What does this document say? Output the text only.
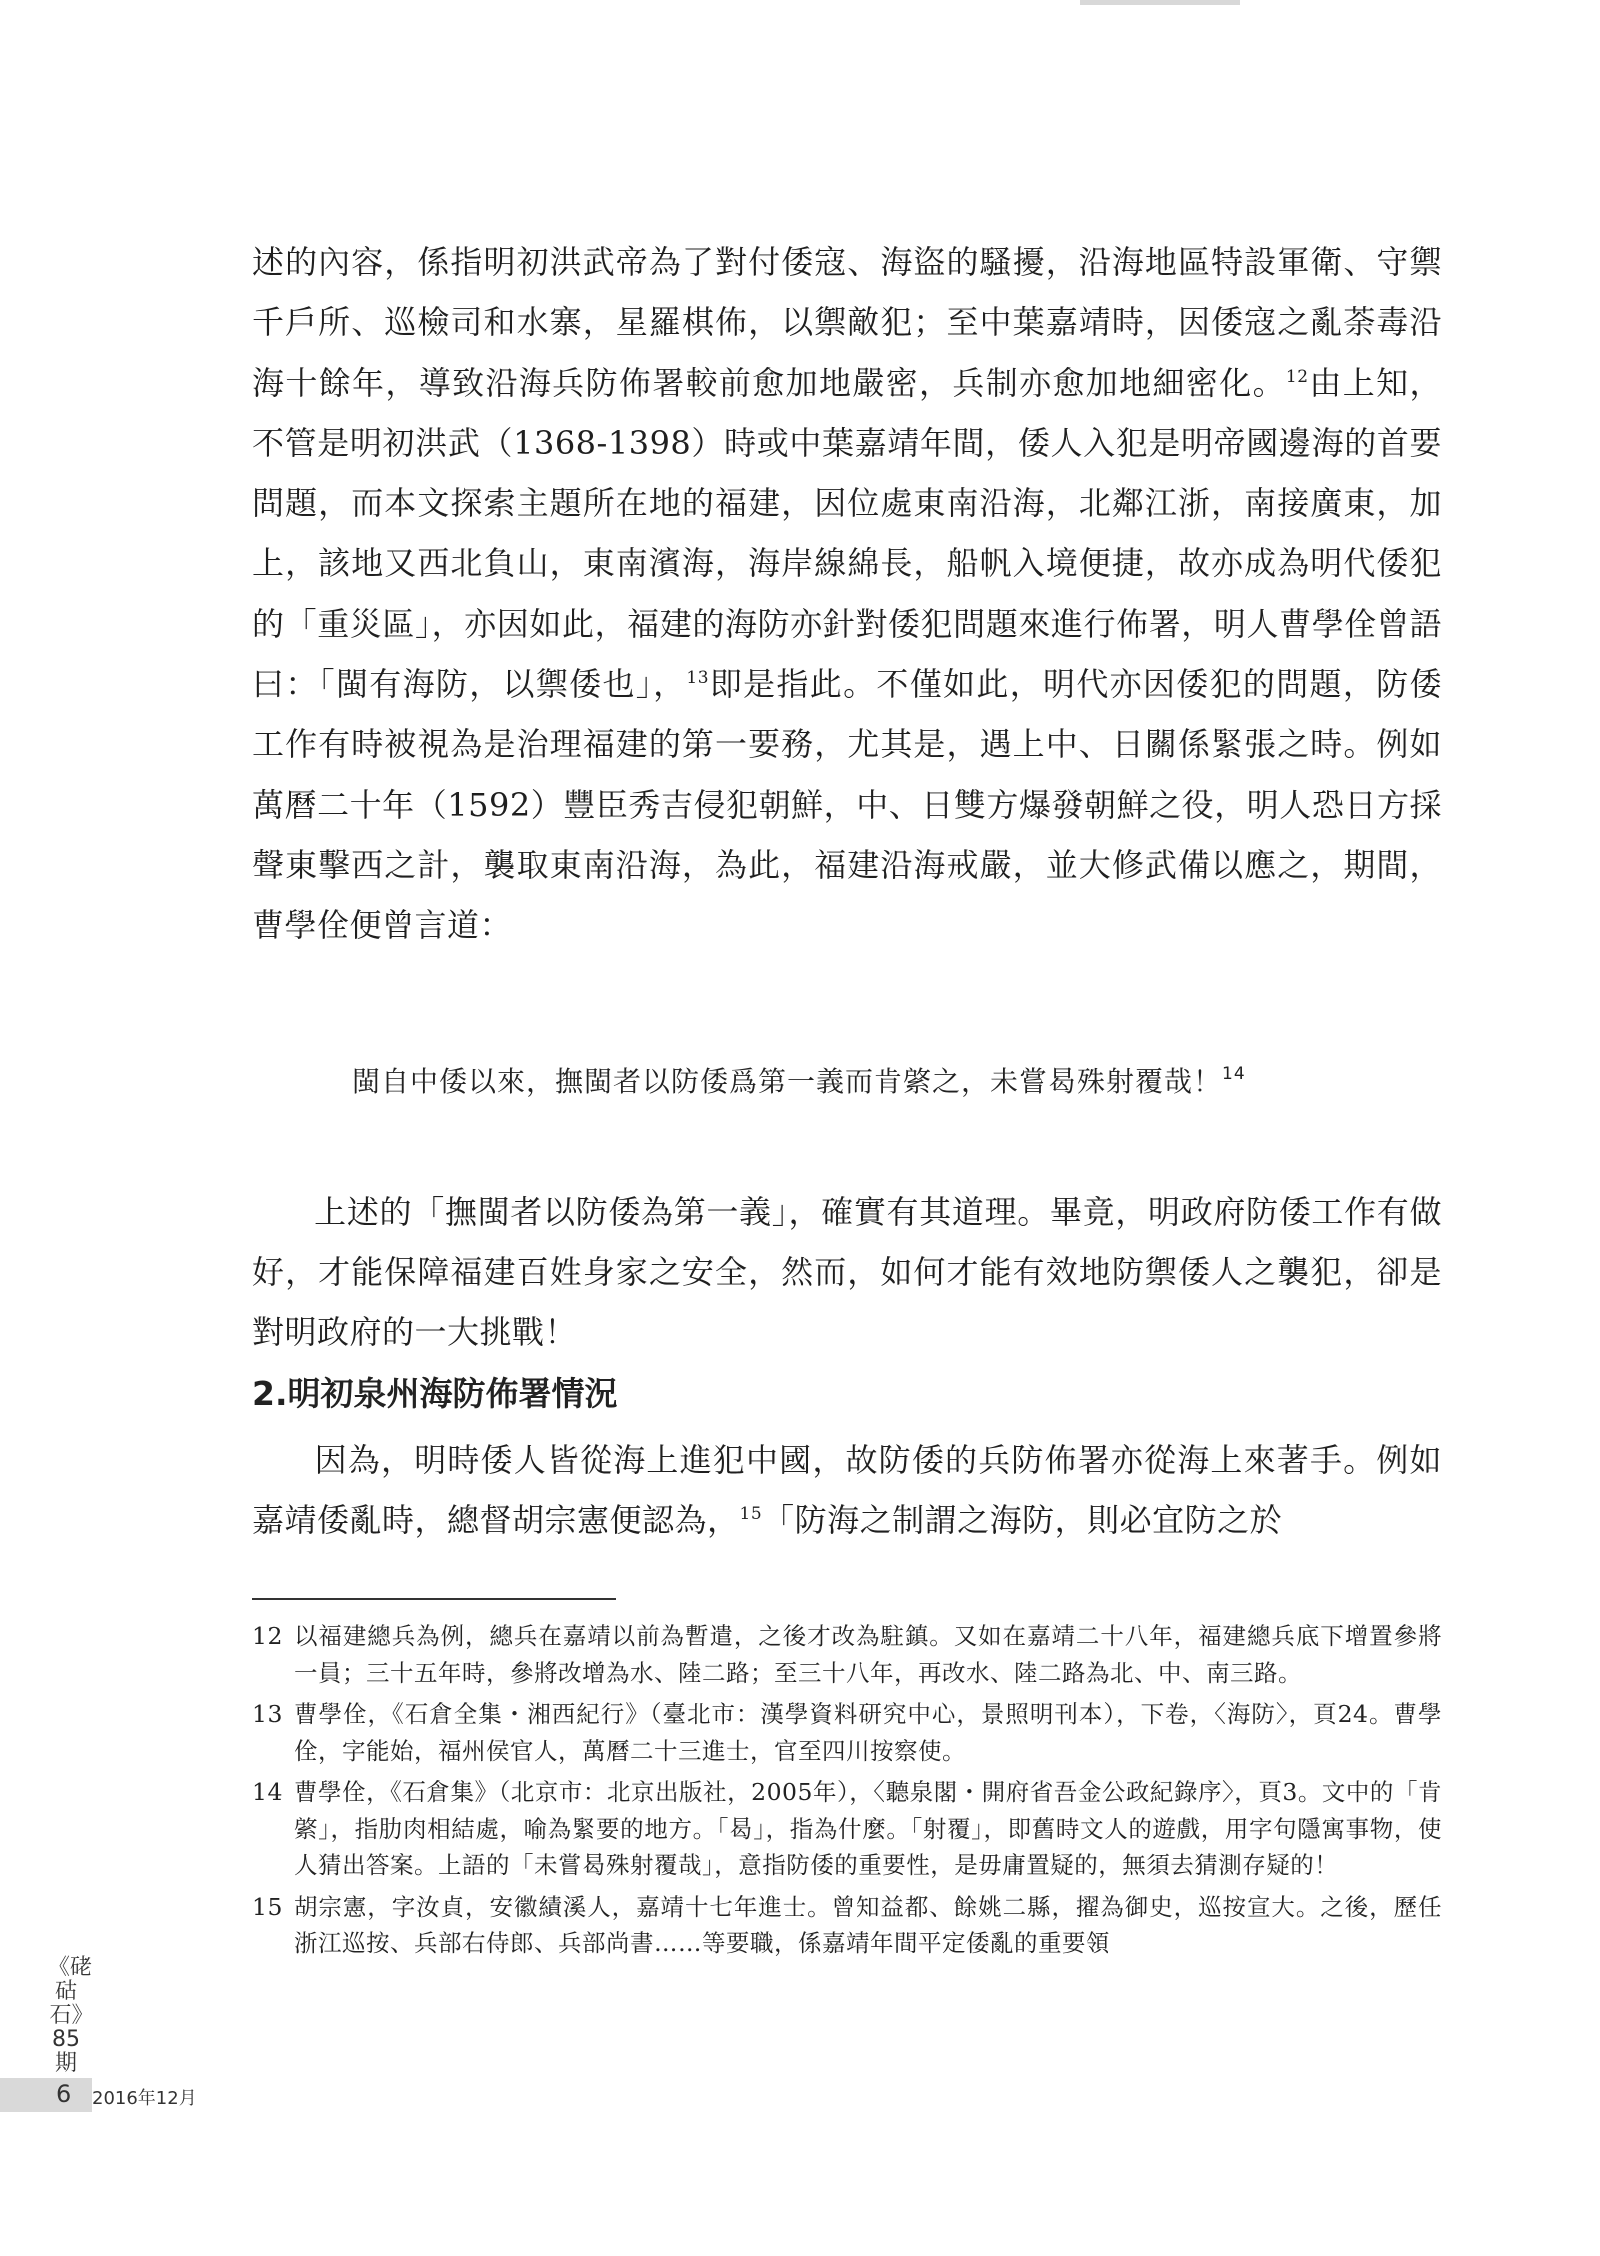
述的內容，係指明初洪武帝為了對付倭寇、海盜的騷擾，沿海地區特設軍衛、守禦千戶所、巡檢司和水寨，星羅棋佈，以禦敵犯；至中葉嘉靖時，因倭寇之亂荼毒沿海十餘年，導致沿海兵防佈署較前愈加地嚴密，兵制亦愈加地細密化。$^{12}$由上知，不管是明初洪武（1368-1398）時或中葉嘉靖年間，倭人入犯是明帝國邊海的首要問題，而本文探索主題所在地的福建，因位處東南沿海，北鄰江浙，南接廣東，加上，該地又西北負山，東南濱海，海岸線綿長，船帆入境便捷，故亦成為明代倭犯的「重災區」，亦因如此，福建的海防亦針對倭犯問題來進行佈署，明人曹學佺曾語曰：「閩有海防，以禦倭也」，$^{13}$即是指此。不僅如此，明代亦因倭犯的問題，防倭工作有時被視為是治理福建的第一要務，尤其是，遇上中、日關係緊張之時。例如萬曆二十年（1592）豐臣秀吉侵犯朝鮮，中、日雙方爆發朝鮮之役，明人恐日方採聲東擊西之計，襲取東南沿海，為此，福建沿海戒嚴，並大修武備以應之，期間，曹學佺便曾言道：
閩自中倭以來，撫閩者以防倭爲第一義而肯綮之，未嘗曷殊射覆哉！$^{14}$
上述的「撫閩者以防倭為第一義」，確實有其道理。畢竟，明政府防倭工作有做好，才能保障福建百姓身家之安全，然而，如何才能有效地防禦倭人之襲犯，卻是對明政府的一大挑戰！
2.明初泉州海防佈署情況
因為，明時倭人皆從海上進犯中國，故防倭的兵防佈署亦從海上來著手。例如嘉靖倭亂時，總督胡宗憲便認為，$^{15}$「防海之制謂之海防，則必宜防之於
12 以福建總兵為例，總兵在嘉靖以前為暫遣，之後才改為駐鎮。又如在嘉靖二十八年，福建總兵底下增置參將一員；三十五年時，參將改增為水、陸二路；至三十八年，再改水、陸二路為北、中、南三路。
13 曹學佺，《石倉全集・湘西紀行》（臺北市：漢學資料研究中心，景照明刊本），下卷，〈海防〉，頁24。曹學佺，字能始，福州侯官人，萬曆二十三進士，官至四川按察使。
14 曹學佺，《石倉集》（北京市：北京出版社，2005年），〈聽泉閣・開府省吾金公政紀錄序〉，頁3。文中的「肯綮」，指肋肉相結處，喻為緊要的地方。「曷」，指為什麼。「射覆」，即舊時文人的遊戲，用字句隱寓事物，使人猜出答案。上語的「未嘗曷殊射覆哉」，意指防倭的重要性，是毋庸置疑的，無須去猜測存疑的！
15 胡宗憲，字汝貞，安徽績溪人，嘉靖十七年進士。曾知益都、餘姚二縣，擢為御史，巡按宣大。之後，歷任浙江巡按、兵部右侍郎、兵部尚書……等要職，係嘉靖年間平定倭亂的重要領
《硓𥑮石》85期
6 2016年12月
